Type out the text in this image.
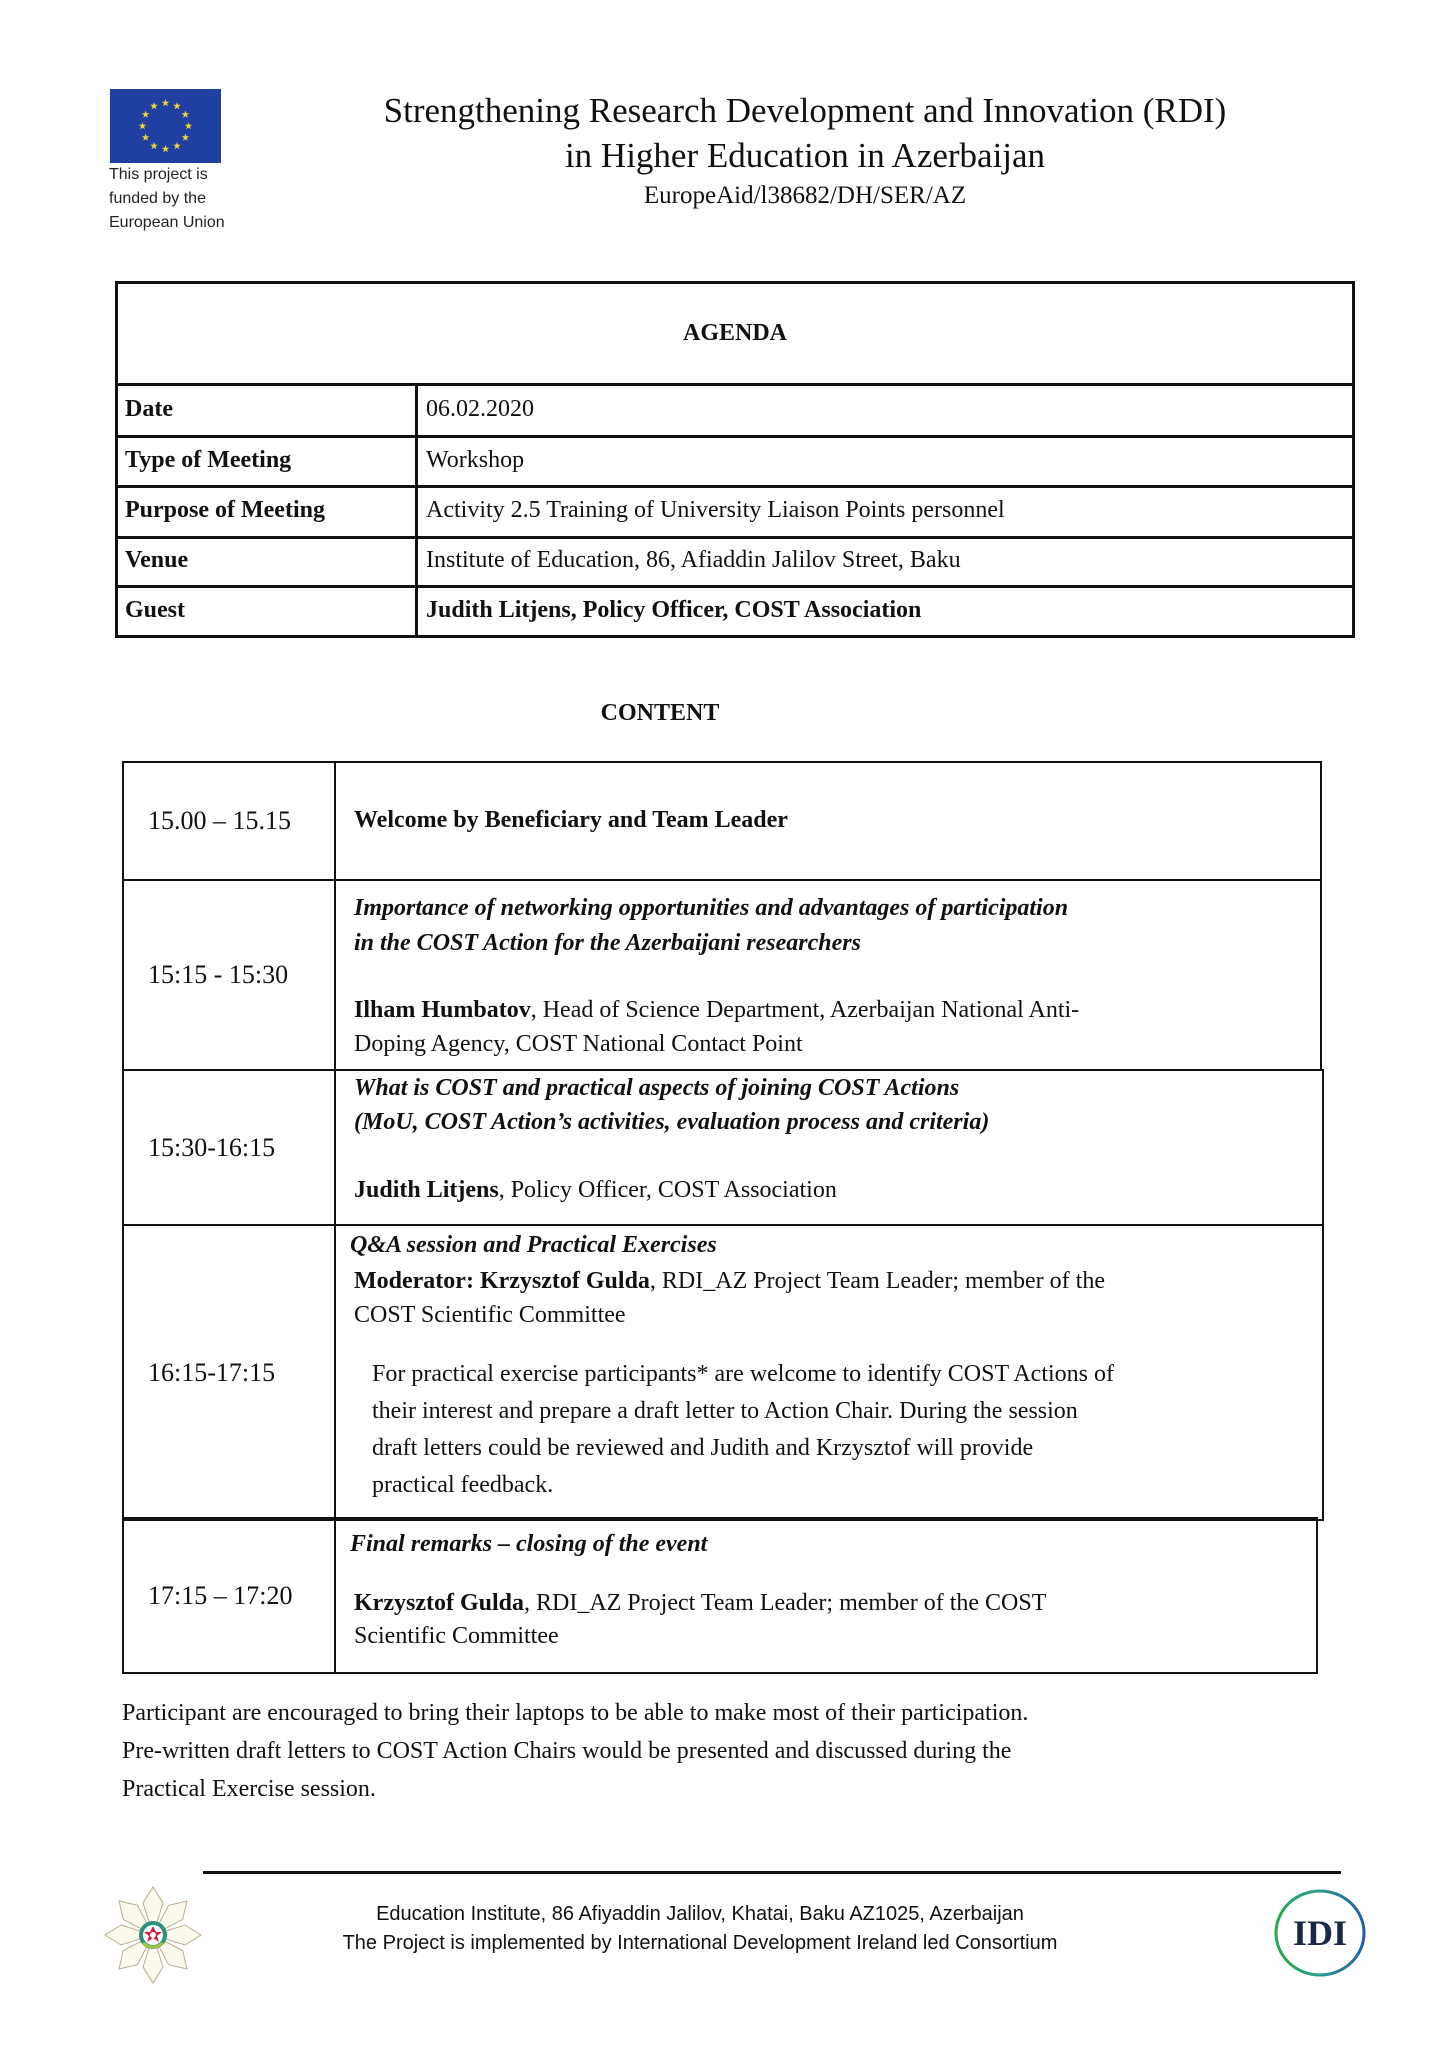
This project is
funded by the
European Union
Strengthening Research Development and Innovation (RDI)
in Higher Education in Azerbaijan
EuropeAid/l38682/DH/SER/AZ
AGENDA
Date	06.02.2020
Type of Meeting	Workshop
Purpose of Meeting	Activity 2.5 Training of University Liaison Points personnel
Venue	Institute of Education, 86, Afiaddin Jalilov Street, Baku
Guest	Judith Litjens, Policy Officer, COST Association
CONTENT
15.00 – 15.15	Welcome by Beneficiary and Team Leader
15:15 - 15:30
Importance of networking opportunities and advantages of participation
in the COST Action for the Azerbaijani researchers
Ilham Humbatov, Head of Science Department, Azerbaijan National Anti-
Doping Agency, COST National Contact Point
15:30-16:15
What is COST and practical aspects of joining COST Actions
(MoU, COST Action’s activities, evaluation process and criteria)
Judith Litjens, Policy Officer, COST Association
16:15-17:15
Q&A session and Practical Exercises
Moderator: Krzysztof Gulda, RDI_AZ Project Team Leader; member of the
COST Scientific Committee
For practical exercise participants* are welcome to identify COST Actions of
their interest and prepare a draft letter to Action Chair. During the session
draft letters could be reviewed and Judith and Krzysztof will provide
practical feedback.
17:15 – 17:20
Final remarks – closing of the event
Krzysztof Gulda, RDI_AZ Project Team Leader; member of the COST
Scientific Committee
Participant are encouraged to bring their laptops to be able to make most of their participation.
Pre-written draft letters to COST Action Chairs would be presented and discussed during the
Practical Exercise session.
Education Institute, 86 Afiyaddin Jalilov, Khatai, Baku AZ1025, Azerbaijan
The Project is implemented by International Development Ireland led Consortium	IDI
